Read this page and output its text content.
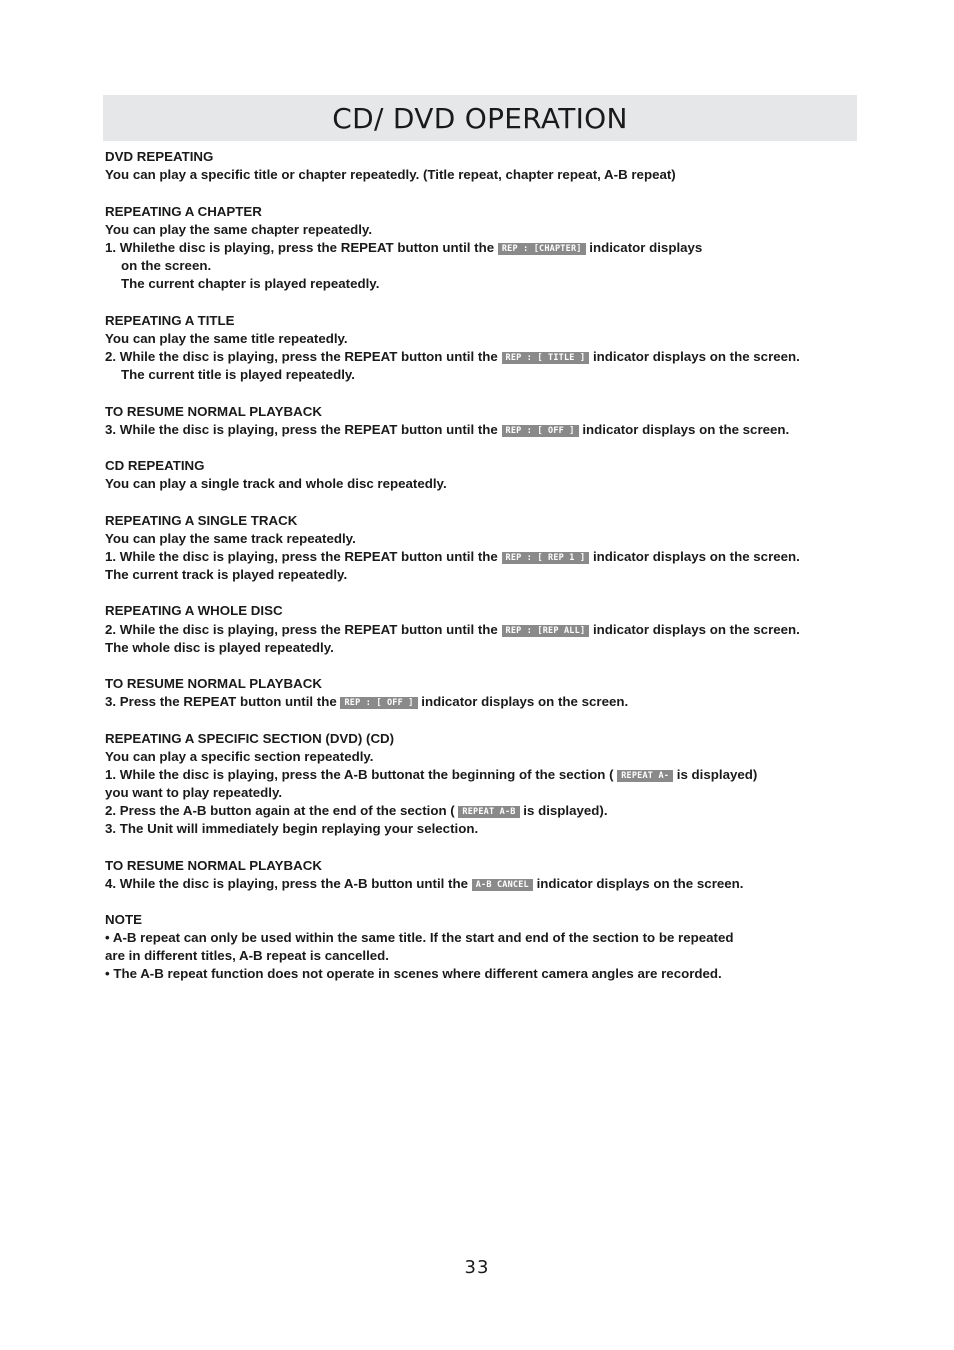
CD/ DVD OPERATION
DVD REPEATING
You can play a specific title or chapter repeatedly. (Title repeat, chapter repeat, A-B repeat)
REPEATING A CHAPTER
You can play the same chapter repeatedly.
1. Whilethe disc is playing, press the REPEAT button until the REP : [CHAPTER] indicator displays
on the screen.
The current chapter is played repeatedly.
REPEATING A TITLE
You can play the same title repeatedly.
2. While the disc is playing, press the REPEAT button until the REP : [ TITLE ] indicator displays on the screen.
The current title is played repeatedly.
TO RESUME NORMAL PLAYBACK
3. While the disc is playing, press the REPEAT button until the REP : [ OFF ] indicator displays on the screen.
CD REPEATING
You can play a single track and whole disc repeatedly.
REPEATING A SINGLE TRACK
You can play the same track repeatedly.
1. While the disc is playing, press the REPEAT button until the REP : [ REP 1 ] indicator displays on the screen.
The current track is played repeatedly.
REPEATING A WHOLE DISC
2. While the disc is playing, press the REPEAT button until the REP : [REP ALL] indicator displays on the screen.
The whole disc is played repeatedly.
TO RESUME NORMAL PLAYBACK
3. Press the REPEAT button until the REP : [ OFF ] indicator displays on the screen.
REPEATING A SPECIFIC SECTION (DVD) (CD)
You can play a specific section repeatedly.
1. While the disc is playing, press the A-B buttonat the beginning of the section ( REPEAT A- is displayed)
you want to play repeatedly.
2. Press the A-B button again at the end of the section ( REPEAT A-B is displayed).
3. The Unit will immediately begin replaying your selection.
TO RESUME NORMAL PLAYBACK
4. While the disc is playing, press the A-B button until the A-B CANCEL indicator displays on the screen.
NOTE
• A-B repeat can only be used within the same title. If the start and end of the section to be repeated
are in different titles, A-B repeat is cancelled.
• The A-B repeat function does not operate in scenes where different camera angles are recorded.
33
